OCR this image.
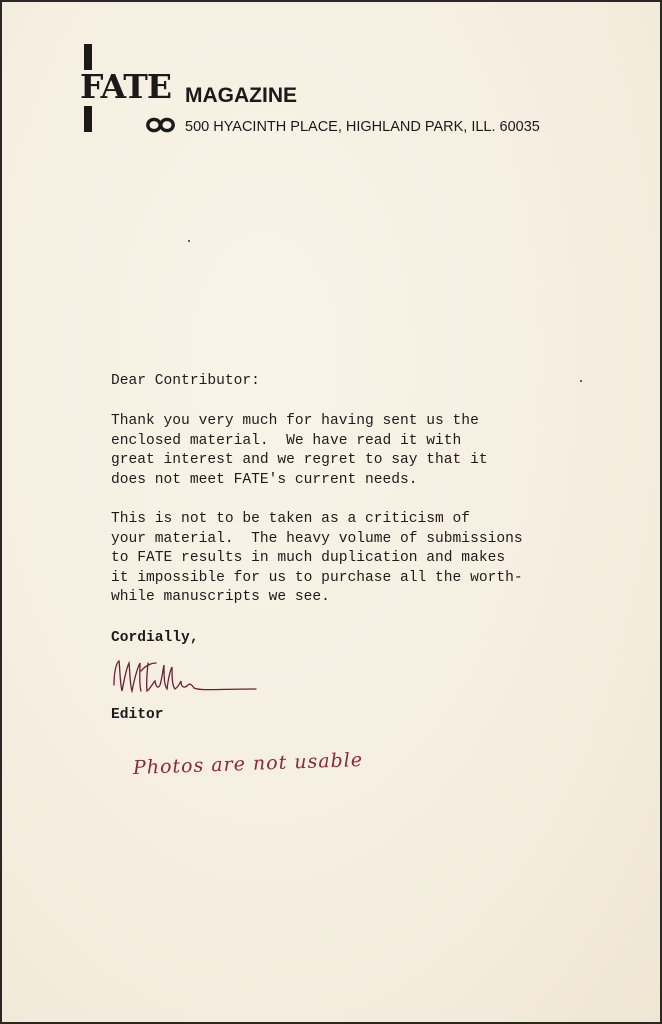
FATE MAGAZINE
500 HYACINTH PLACE, HIGHLAND PARK, ILL. 60035

Dear Contributor:

Thank you very much for having sent us the
enclosed material.  We have read it with
great interest and we regret to say that it
does not meet FATE's current needs.

This is not to be taken as a criticism of
your material.  The heavy volume of submissions
to FATE results in much duplication and makes
it impossible for us to purchase all the worth-
while manuscripts we see.

Cordially,

Editor
Photos are not usable
